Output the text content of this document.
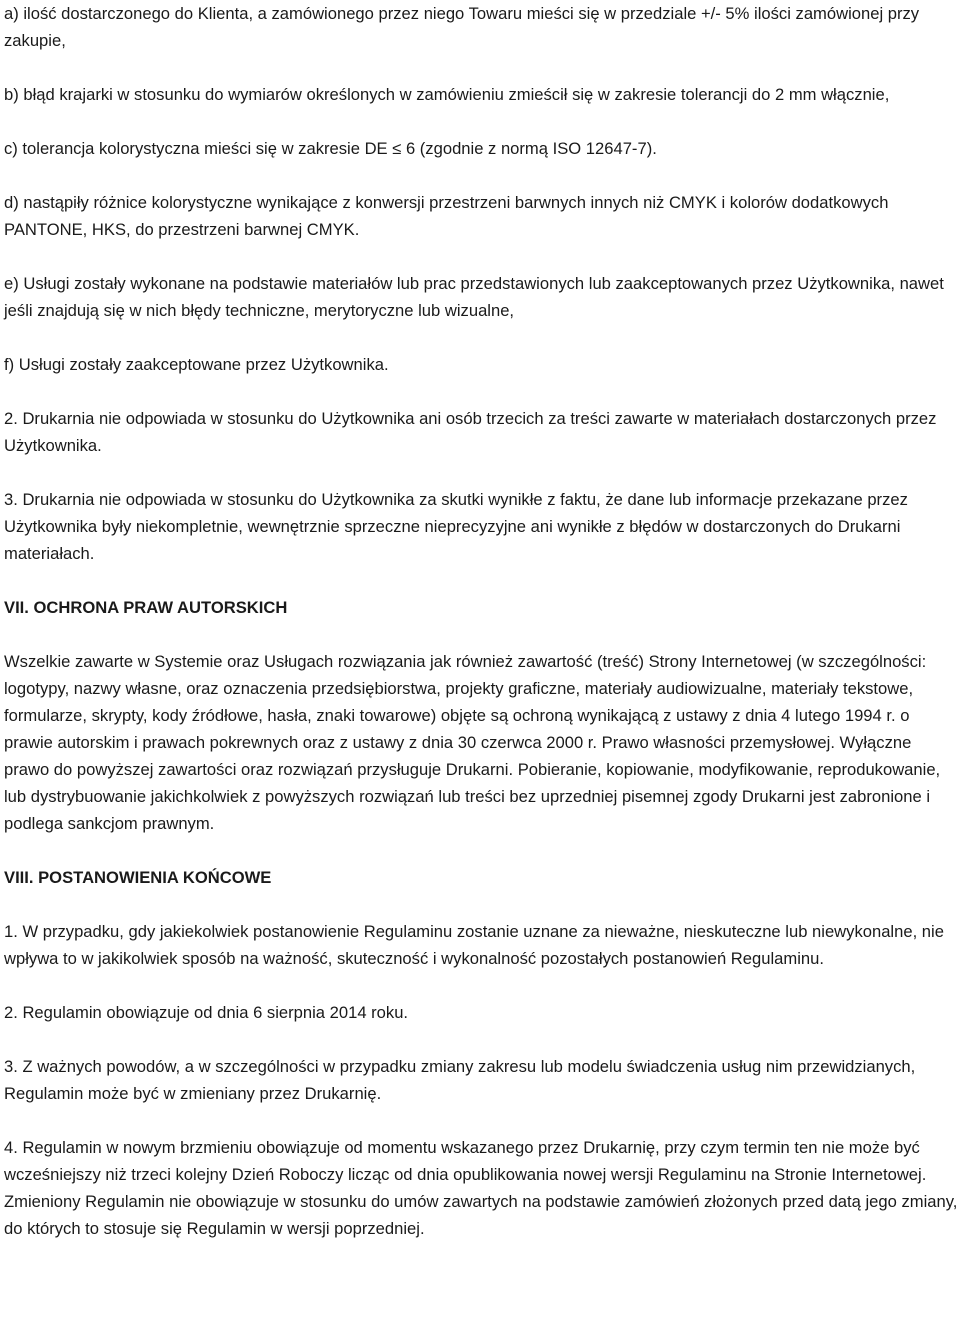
a) ilość dostarczonego do Klienta, a zamówionego przez niego Towaru mieści się w przedziale +/- 5% ilości zamówionej przy zakupie,

b) błąd krajarki w stosunku do wymiarów określonych w zamówieniu zmieścił się w zakresie tolerancji do 2 mm włącznie,

c) tolerancja kolorystyczna mieści się w zakresie DE ≤ 6 (zgodnie z normą ISO 12647-7).

d) nastąpiły różnice kolorystyczne wynikające z konwersji przestrzeni barwnych innych niż CMYK i kolorów dodatkowych PANTONE, HKS, do przestrzeni barwnej CMYK.

e) Usługi zostały wykonane na podstawie materiałów lub prac przedstawionych lub zaakceptowanych przez Użytkownika, nawet jeśli znajdują się w nich błędy techniczne, merytoryczne lub wizualne,

f) Usługi zostały zaakceptowane przez Użytkownika.

2. Drukarnia nie odpowiada w stosunku do Użytkownika ani osób trzecich za treści zawarte w materiałach dostarczonych przez Użytkownika.

3. Drukarnia nie odpowiada w stosunku do Użytkownika za skutki wynikłe z faktu, że dane lub informacje przekazane przez Użytkownika były niekompletnie, wewnętrznie sprzeczne nieprecyzyjne ani wynikłe z błędów w dostarczonych do Drukarni materiałach.

VII. OCHRONA PRAW AUTORSKICH

Wszelkie zawarte w Systemie oraz Usługach rozwiązania jak również zawartość (treść) Strony Internetowej (w szczególności: logotypy, nazwy własne, oraz oznaczenia przedsiębiorstwa, projekty graficzne, materiały audiowizualne, materiały tekstowe, formularze, skrypty, kody źródłowe, hasła, znaki towarowe) objęte są ochroną wynikającą z ustawy z dnia 4 lutego 1994 r. o prawie autorskim i prawach pokrewnych oraz z ustawy z dnia 30 czerwca 2000 r. Prawo własności przemysłowej. Wyłączne prawo do powyższej zawartości oraz rozwiązań przysługuje Drukarni. Pobieranie, kopiowanie, modyfikowanie, reprodukowanie, lub dystrybuowanie jakichkolwiek z powyższych rozwiązań lub treści bez uprzedniej pisemnej zgody Drukarni jest zabronione i podlega sankcjom prawnym.

VIII. POSTANOWIENIA KOŃCOWE

1. W przypadku, gdy jakiekolwiek postanowienie Regulaminu zostanie uznane za nieważne, nieskuteczne lub niewykonalne, nie wpływa to w jakikolwiek sposób na ważność, skuteczność i wykonalność pozostałych postanowień Regulaminu.

2. Regulamin obowiązuje od dnia 6 sierpnia 2014 roku.

3. Z ważnych powodów, a w szczególności w przypadku zmiany zakresu lub modelu świadczenia usług nim przewidzianych, Regulamin może być w zmieniany przez Drukarnię.

4. Regulamin w nowym brzmieniu obowiązuje od momentu wskazanego przez Drukarnię, przy czym termin ten nie może być wcześniejszy niż trzeci kolejny Dzień Roboczy licząc od dnia opublikowania nowej wersji Regulaminu na Stronie Internetowej. Zmieniony Regulamin nie obowiązuje w stosunku do umów zawartych na podstawie zamówień złożonych przed datą jego zmiany, do których to stosuje się Regulamin w wersji poprzedniej.
